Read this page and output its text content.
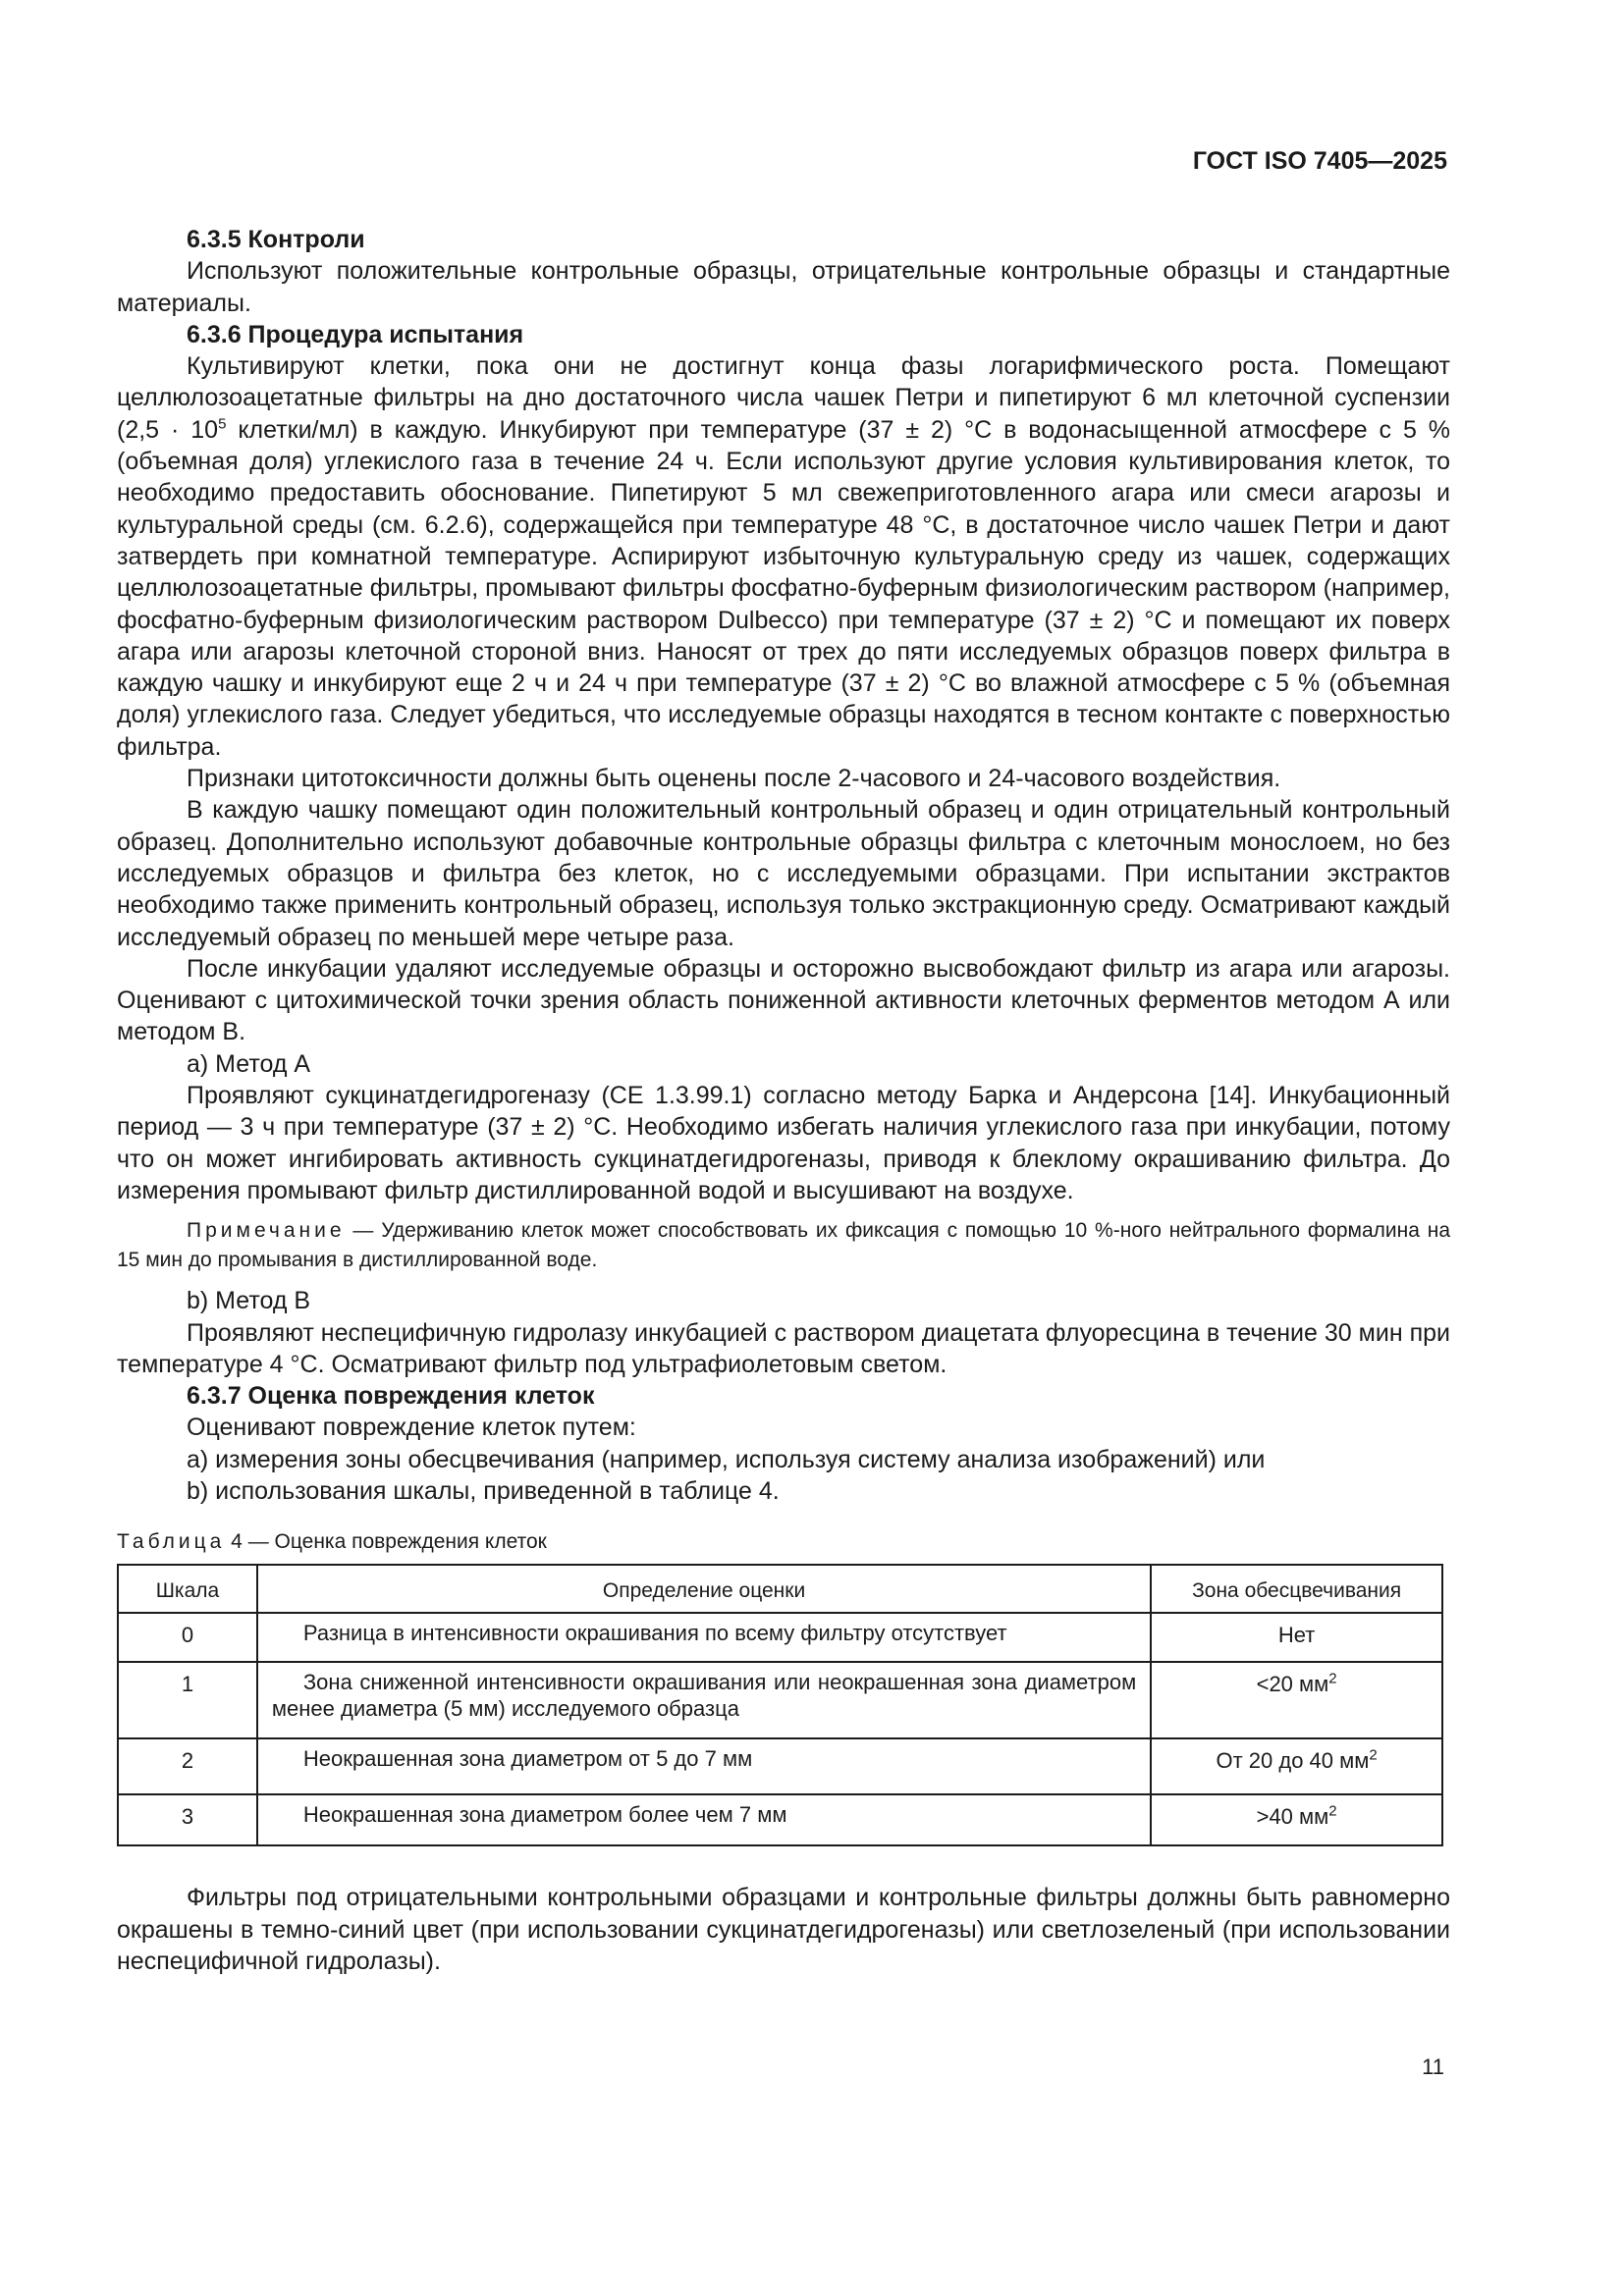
ГОСТ ISO 7405—2025

6.3.5 Контроли

Используют положительные контрольные образцы, отрицательные контрольные образцы и стандартные материалы.

6.3.6 Процедура испытания

Культивируют клетки, пока они не достигнут конца фазы логарифмического роста. Помещают целлюлозоацетатные фильтры на дно достаточного числа чашек Петри и пипетируют 6 мл клеточной суспензии ($2,5 \cdot 10^5$ клетки/мл) в каждую. Инкубируют при температуре (37 ± 2) °С в водонасыщенной атмосфере с 5 % (объемная доля) углекислого газа в течение 24 ч. Если используют другие условия культивирования клеток, то необходимо предоставить обоснование. Пипетируют 5 мл свежеприготовленного агара или смеси агарозы и культуральной среды (см. 6.2.6), содержащейся при температуре 48 °С, в достаточное число чашек Петри и дают затвердеть при комнатной температуре. Аспирируют избыточную культуральную среду из чашек, содержащих целлюлозоацетатные фильтры, промывают фильтры фосфатно-буферным физиологическим раствором (например, фосфатно-буферным физиологическим раствором Dulbecco) при температуре (37 ± 2) °С и помещают их поверх агара или агарозы клеточной стороной вниз. Наносят от трех до пяти исследуемых образцов поверх фильтра в каждую чашку и инкубируют еще 2 ч и 24 ч при температуре (37 ± 2) °С во влажной атмосфере с 5 % (объемная доля) углекислого газа. Следует убедиться, что исследуемые образцы находятся в тесном контакте с поверхностью фильтра.

Признаки цитотоксичности должны быть оценены после 2-часового и 24-часового воздействия.

В каждую чашку помещают один положительный контрольный образец и один отрицательный контрольный образец. Дополнительно используют добавочные контрольные образцы фильтра с клеточным монослоем, но без исследуемых образцов и фильтра без клеток, но с исследуемыми образцами. При испытании экстрактов необходимо также применить контрольный образец, используя только экстракционную среду. Осматривают каждый исследуемый образец по меньшей мере четыре раза.

После инкубации удаляют исследуемые образцы и осторожно высвобождают фильтр из агара или агарозы. Оценивают с цитохимической точки зрения область пониженной активности клеточных ферментов методом А или методом В.

а) Метод А

Проявляют сукцинатдегидрогеназу (СЕ 1.3.99.1) согласно методу Барка и Андерсона [14]. Инкубационный период — 3 ч при температуре (37 ± 2) °С. Необходимо избегать наличия углекислого газа при инкубации, потому что он может ингибировать активность сукцинатдегидрогеназы, приводя к блеклому окрашиванию фильтра. До измерения промывают фильтр дистиллированной водой и высушивают на воздухе.

Примечание — Удерживанию клеток может способствовать их фиксация с помощью 10 %-ного нейтрального формалина на 15 мин до промывания в дистиллированной воде.

b) Метод В

Проявляют неспецифичную гидролазу инкубацией с раствором диацетата флуоресцина в течение 30 мин при температуре 4 °С. Осматривают фильтр под ультрафиолетовым светом.

6.3.7 Оценка повреждения клеток

Оценивают повреждение клеток путем:

а) измерения зоны обесцвечивания (например, используя систему анализа изображений) или

b) использования шкалы, приведенной в таблице 4.

Таблица 4 — Оценка повреждения клеток

Шкала	Определение оценки	Зона обесцвечивания
0	Разница в интенсивности окрашивания по всему фильтру отсутствует	Нет
1	Зона сниженной интенсивности окрашивания или неокрашенная зона диаметром менее диаметра (5 мм) исследуемого образца	<20 $мм^2$
2	Неокрашенная зона диаметром от 5 до 7 мм	От 20 до 40 $мм^2$
3	Неокрашенная зона диаметром более чем 7 мм	>40 $мм^2$

Фильтры под отрицательными контрольными образцами и контрольные фильтры должны быть равномерно окрашены в темно-синий цвет (при использовании сукцинатдегидрогеназы) или светлозеленый (при использовании неспецифичной гидролазы).

11
